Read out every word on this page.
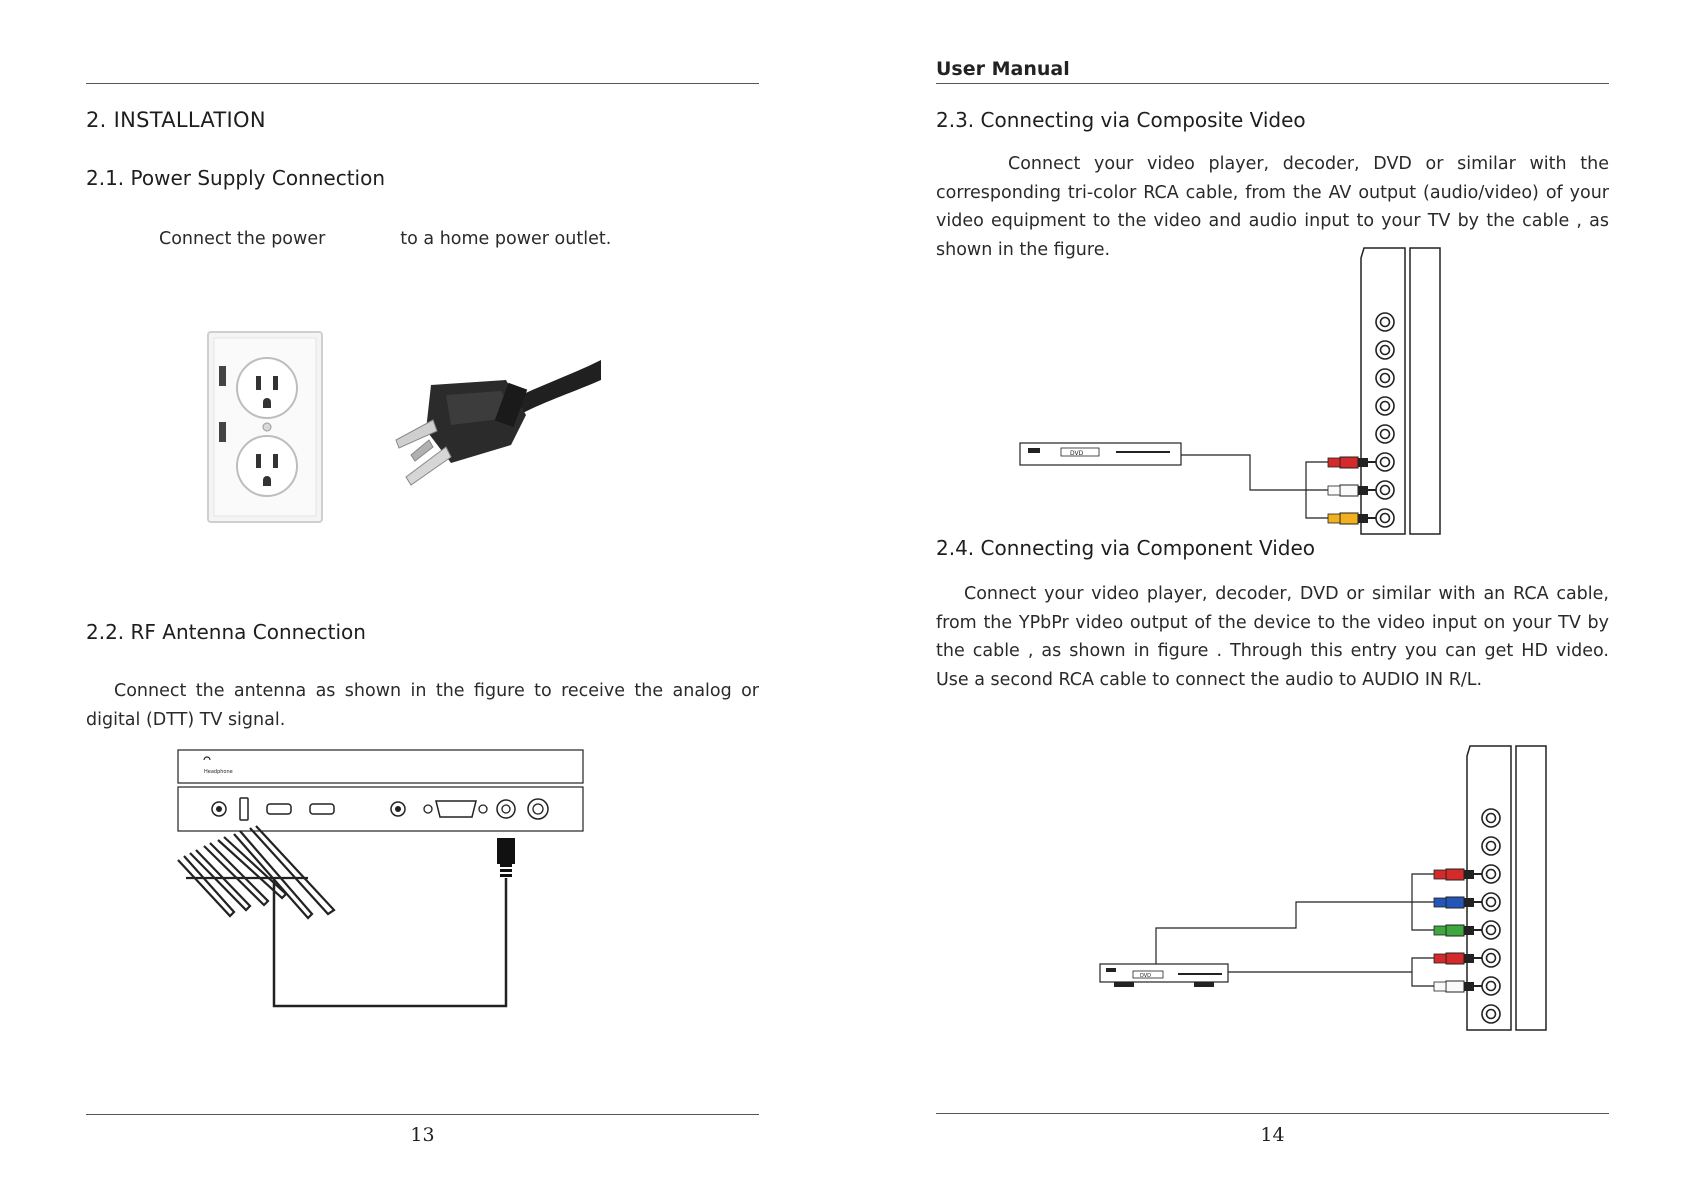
2. INSTALLATION
2.1. Power Supply Connection
Connect the power	to a home power outlet.
2.2. RF Antenna Connection
Connect the antenna as shown in the figure to receive the analog or digital (DTT) TV signal.
Headphone
13
User Manual
2.3. Connecting via Composite Video
Connect your video player, decoder, DVD or similar with the corresponding tri-color RCA cable, from the AV output (audio/video) of your video equipment to the video and audio input to your TV by the cable , as shown in the figure.
DVD
2.4. Connecting via Component Video
Connect your video player, decoder, DVD or similar with an RCA cable, from the YPbPr video output of the device to the video input on your TV by the cable , as shown in figure . Through this entry you can get HD video. Use a second RCA cable to connect the audio to AUDIO IN R/L.
DVD
14
